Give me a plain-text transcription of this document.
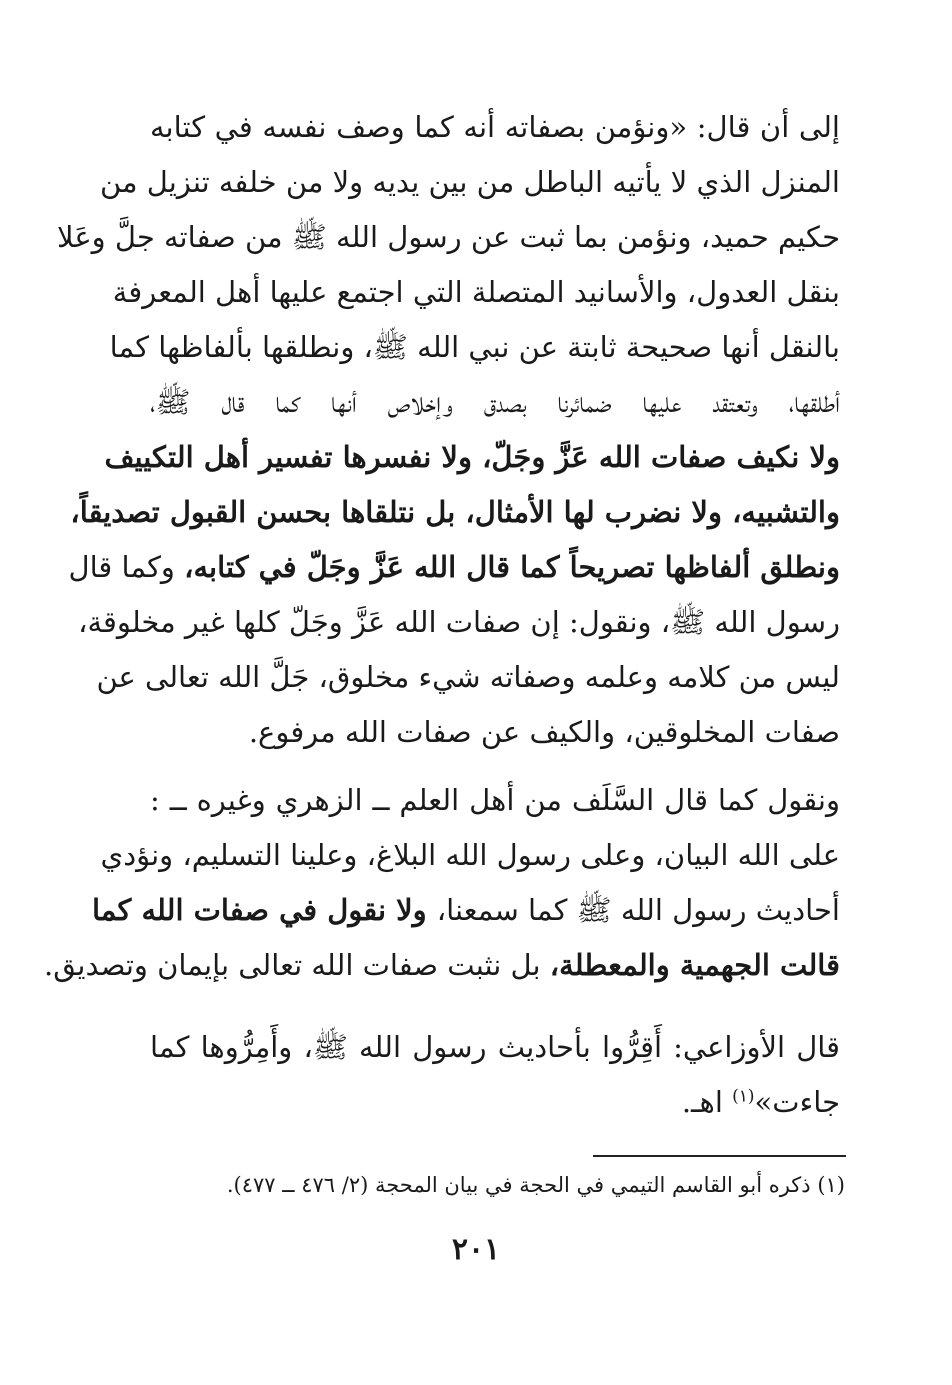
إلى أن قال: «ونؤمن بصفاته أنه كما وصف نفسه في كتابه
المنزل الذي لا يأتيه الباطل من بين يديه ولا من خلفه تنزيل من
حكيم حميد، ونؤمن بما ثبت عن رسول الله ﷺ من صفاته جلَّ وعَلا
بنقل العدول، والأسانيد المتصلة التي اجتمع عليها أهل المعرفة
بالنقل أنها صحيحة ثابتة عن نبي الله ﷺ، ونطلقها بألفاظها كما
أطلقها، وتعتقد عليها ضمائرنا بصدق وإخلاص أنها كما قال ﷺ،
ولا نكيف صفات الله عَزَّ وجَلّ، ولا نفسرها تفسير أهل التكييف
والتشبيه، ولا نضرب لها الأمثال، بل نتلقاها بحسن القبول تصديقاً،
ونطلق ألفاظها تصريحاً كما قال الله عَزَّ وجَلّ في كتابه، وكما قال
رسول الله ﷺ، ونقول: إن صفات الله عَزَّ وجَلّ كلها غير مخلوقة،
ليس من كلامه وعلمه وصفاته شيء مخلوق، جَلَّ الله تعالى عن
صفات المخلوقين، والكيف عن صفات الله مرفوع.
ونقول كما قال السَّلَف من أهل العلم ــ الزهري وغيره ــ :
على الله البيان، وعلى رسول الله البلاغ، وعلينا التسليم، ونؤدي
أحاديث رسول الله ﷺ كما سمعنا، ولا نقول في صفات الله كما
قالت الجهمية والمعطلة، بل نثبت صفات الله تعالى بإيمان وتصديق.
قال الأوزاعي: أَقِرُّوا بأحاديث رسول الله ﷺ، وأَمِرُّوها كما
جاءت»$^{(١)}$ اهـ.
(١) ذكره أبو القاسم التيمي في الحجة في بيان المحجة (٢/ ٤٧٦ ــ ٤٧٧).
٢٠١
